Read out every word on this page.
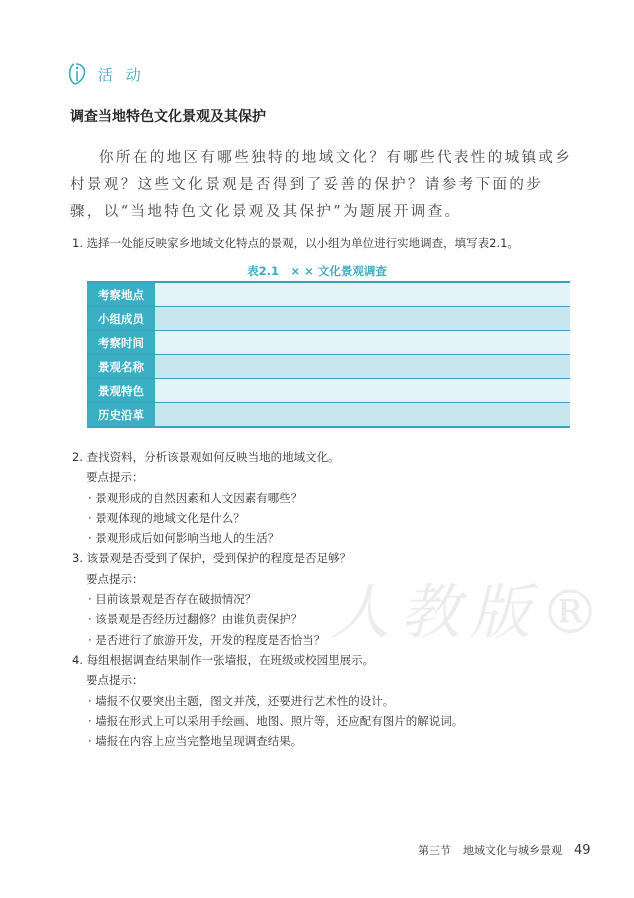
活 动
调查当地特色文化景观及其保护
你所在的地区有哪些独特的地域文化？有哪些代表性的城镇或乡村景观？这些文化景观是否得到了妥善的保护？请参考下面的步骤，以“当地特色文化景观及其保护”为题展开调查。
1. 选择一处能反映家乡地域文化特点的景观，以小组为单位进行实地调查，填写表2.1。
表2.1　× × 文化景观调查
考察地点	
小组成员	
考察时间	
景观名称	
景观特色	
历史沿革	
人教版®
2. 查找资料，分析该景观如何反映当地的地域文化。
要点提示：
· 景观形成的自然因素和人文因素有哪些？
· 景观体现的地域文化是什么？
· 景观形成后如何影响当地人的生活？
3. 该景观是否受到了保护，受到保护的程度是否足够？
要点提示：
· 目前该景观是否存在破损情况？
· 该景观是否经历过翻修？由谁负责保护？
· 是否进行了旅游开发，开发的程度是否恰当？
4. 每组根据调查结果制作一张墙报，在班级或校园里展示。
要点提示：
· 墙报不仅要突出主题，图文并茂，还要进行艺术性的设计。
· 墙报在形式上可以采用手绘画、地图、照片等，还应配有图片的解说词。
· 墙报在内容上应当完整地呈现调查结果。
第三节 地域文化与城乡景观 49
